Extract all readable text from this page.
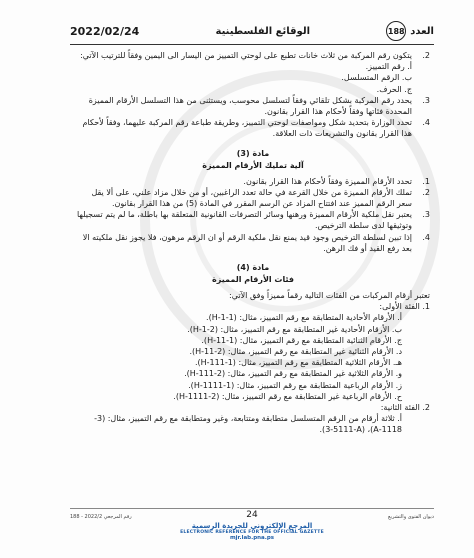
2022/02/24	الوقائع الفلسطينية	العدد
188
2.
يتكون رقم المركبة من ثلاث خانات تطبع على لوحتي التمييز من اليسار الى اليمين وفقاً للترتيب الآتي:
أ. رقم التمييز.
ب. الرقم المتسلسل.
ج. الحرف.
3.
يحدد رقم المركبة بشكل تلقائي وفقاً لتسلسل محوسب، ويستثنى من هذا التسلسل الأرقام المميزة المحددة فئاتها وفقاً لأحكام هذا القرار بقانون.
4.
تحدد الوزارة بتحديد شكل ومواصفات لوحتي التمييز، وطريقة طباعة رقم المركبة عليهما، وفقاً لأحكام هذا القرار بقانون والتشريعات ذات العلاقة.
مادة (3)
آلية تمليك الأرقام المميزة
1.
تحدد الأرقام المميزة وفقاً لأحكام هذا القرار بقانون.
2.
تملك الأرقام المميزة من خلال القرعة في حالة تعدد الراغبين، أو من خلال مزاد علني، على ألا يقل سعر الرقم المميز عند افتتاح المزاد عن الرسم المقرر في المادة (5) من هذا القرار بقانون.
3.
يعتبر نقل ملكية الأرقام المميزة ورهنها وسائر التصرفات القانونية المتعلقة بها باطلة، ما لم يتم تسجيلها وتوثيقها لدى سلطة الترخيص.
4.
إذا تبين لسلطة الترخيص وجود قيد يمنع نقل ملكية الرقم أو ان الرقم مرهون، فلا يجوز نقل ملكيته الا بعد رفع القيد أو فك الرهن.
مادة (4)
فئات الأرقام المميزة
تعتبر أرقام المركبات من الفئات التالية رقماً مميزاً وفق الآتي:
1. الفئة الأولى:
أ. الأرقام الأحادية المتطابقة مع رقم التمييز، مثال: (H-1-1).
ب. الأرقام الأحادية غير المتطابقة مع رقم التمييز، مثال: (H-1-2).
ج. الأرقام الثنائية المتطابقة مع رقم التمييز، مثال: (H-11-1).
د. الأرقام الثنائية غير المتطابقة مع رقم التمييز، مثال: (H-11-2).
هـ. الأرقام الثلاثية المتطابقة مع رقم التمييز، مثال: (H-111-1).
و. الأرقام الثلاثية غير المتطابقة مع رقم التمييز، مثال: (H-111-2).
ز. الأرقام الرباعية المتطابقة مع رقم التمييز، مثال: (H-1111-1).
ح. الأرقام الرباعية غير المتطابقة مع رقم التمييز، مثال: (H-1111-2).
2. الفئة الثانية:
أ. ثلاثة أرقام من الرقم المتسلسل متطابقة ومتتابعة، وغير ومتطابقة مع رقم التمييز، مثال: (3-1118-A)، (3-5111-A).
رقم المرجعي 2022/2 - 188	24	ديوان الفتوى والتشريع
المرجع الإلكتروني للجريدة الرسمية
ELECTRONIC REFERENCE FOR THE OFFICIAL GAZETTE
mjr.lab.pna.ps
